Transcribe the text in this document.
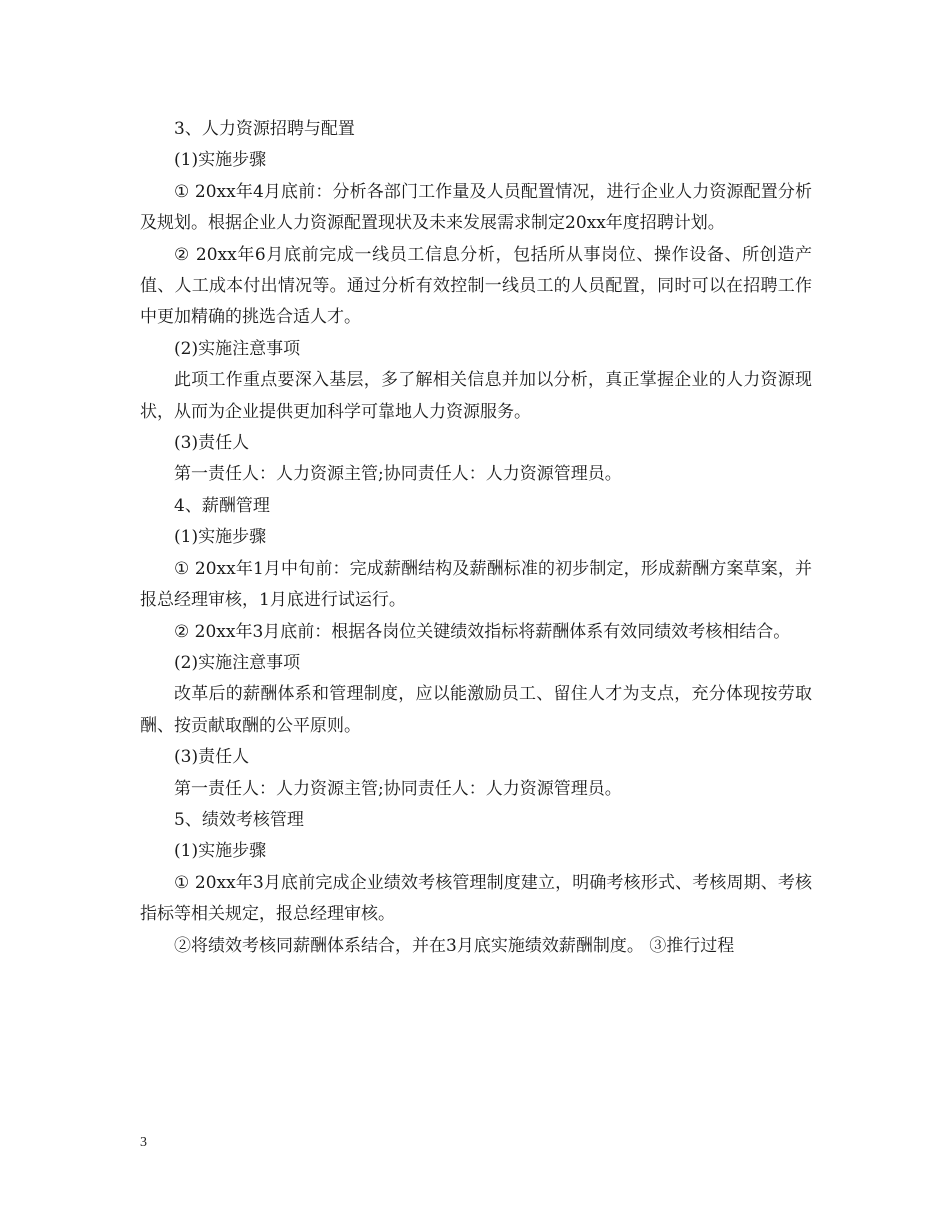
3、人力资源招聘与配置

(1)实施步骤

① 20xx年4月底前：分析各部门工作量及人员配置情况，进行企业人力资源配置分析及规划。根据企业人力资源配置现状及未来发展需求制定20xx年度招聘计划。

② 20xx年6月底前完成一线员工信息分析，包括所从事岗位、操作设备、所创造产值、人工成本付出情况等。通过分析有效控制一线员工的人员配置，同时可以在招聘工作中更加精确的挑选合适人才。

(2)实施注意事项

此项工作重点要深入基层，多了解相关信息并加以分析，真正掌握企业的人力资源现状，从而为企业提供更加科学可靠地人力资源服务。

(3)责任人

第一责任人：人力资源主管;协同责任人：人力资源管理员。

4、薪酬管理

(1)实施步骤

① 20xx年1月中旬前：完成薪酬结构及薪酬标准的初步制定，形成薪酬方案草案，并报总经理审核，1月底进行试运行。

② 20xx年3月底前：根据各岗位关键绩效指标将薪酬体系有效同绩效考核相结合。

(2)实施注意事项

改革后的薪酬体系和管理制度，应以能激励员工、留住人才为支点，充分体现按劳取酬、按贡献取酬的公平原则。

(3)责任人

第一责任人：人力资源主管;协同责任人：人力资源管理员。

5、绩效考核管理

(1)实施步骤

① 20xx年3月底前完成企业绩效考核管理制度建立，明确考核形式、考核周期、考核指标等相关规定，报总经理审核。

②将绩效考核同薪酬体系结合，并在3月底实施绩效薪酬制度。 ③推行过程

3
